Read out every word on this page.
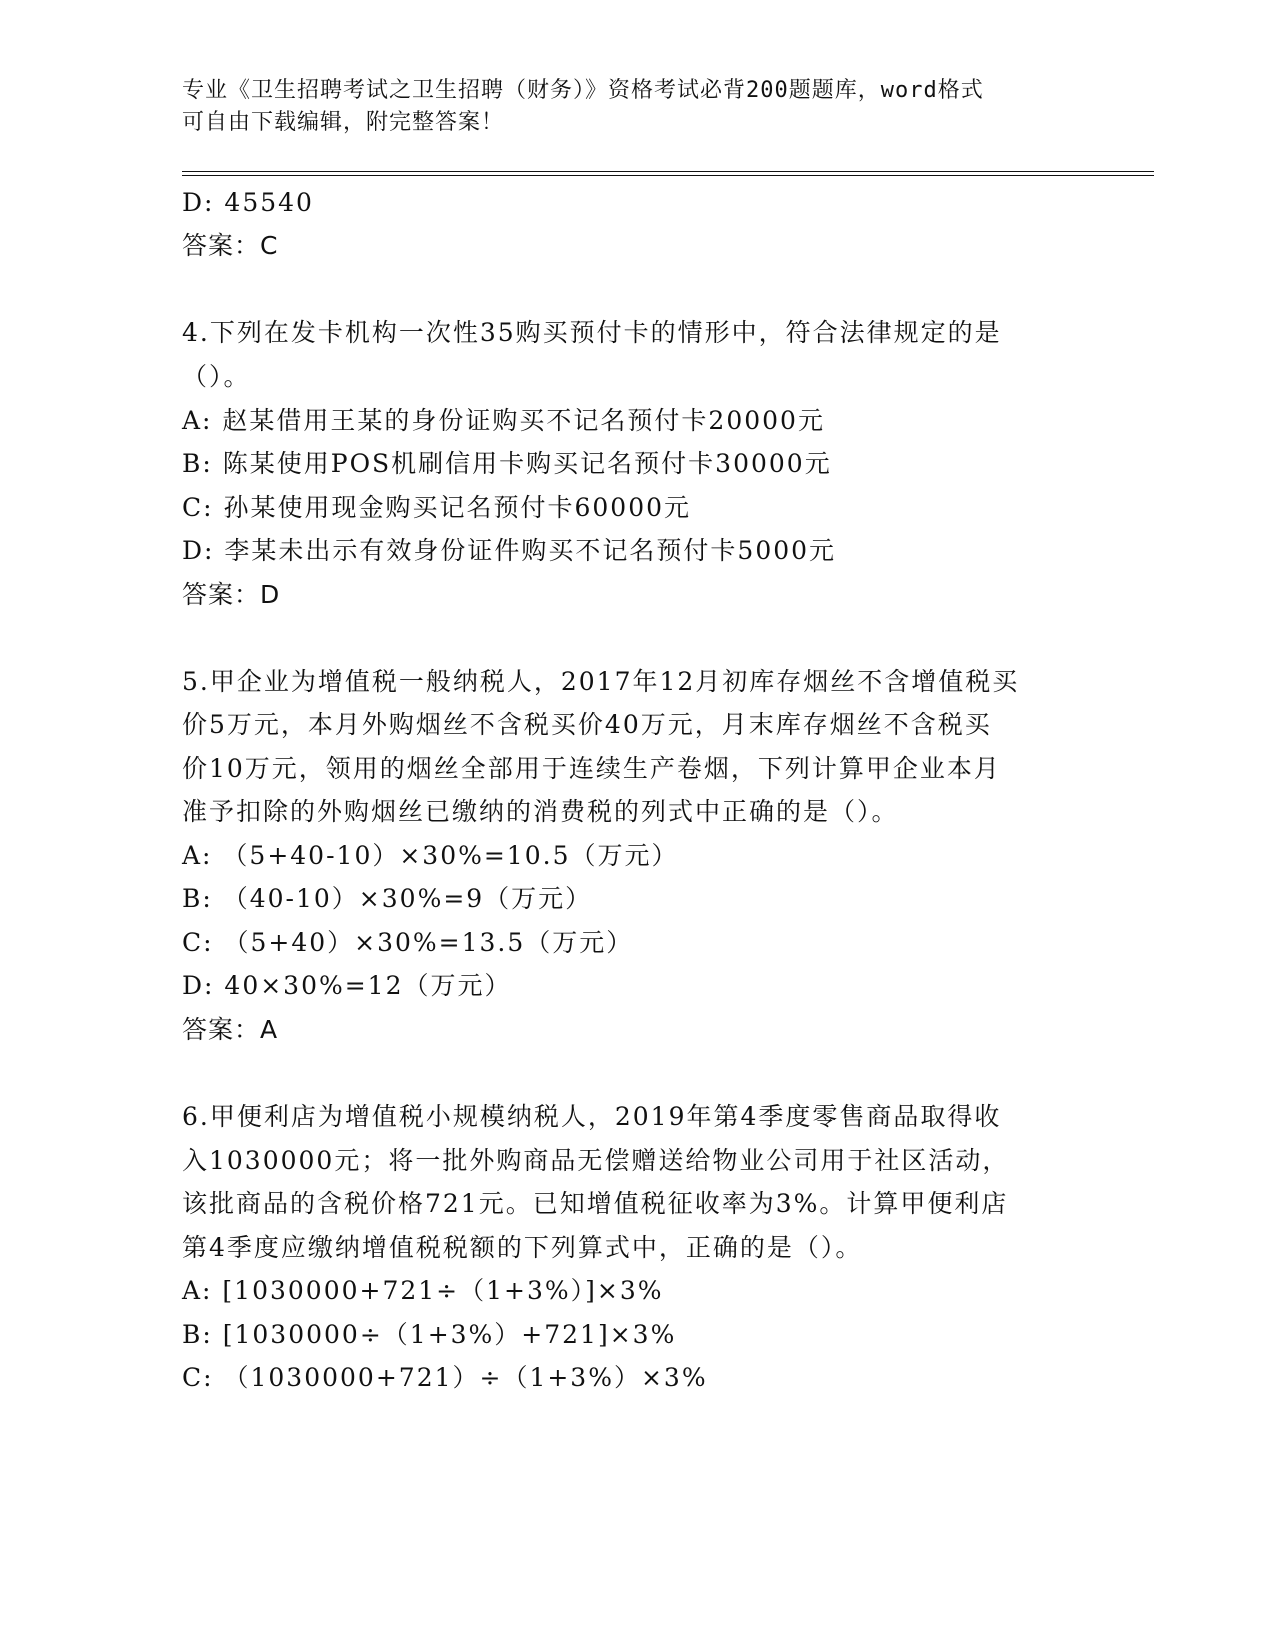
专业《卫生招聘考试之卫生招聘（财务）》资格考试必背200题题库，word格式
可自由下载编辑，附完整答案！
D: 45540
答案：C
4.下列在发卡机构一次性35购买预付卡的情形中，符合法律规定的是
（）。
A: 赵某借用王某的身份证购买不记名预付卡20000元
B: 陈某使用POS机刷信用卡购买记名预付卡30000元
C: 孙某使用现金购买记名预付卡60000元
D: 李某未出示有效身份证件购买不记名预付卡5000元
答案：D
5.甲企业为增值税一般纳税人，2017年12月初库存烟丝不含增值税买
价5万元，本月外购烟丝不含税买价40万元，月末库存烟丝不含税买
价10万元，领用的烟丝全部用于连续生产卷烟，下列计算甲企业本月
准予扣除的外购烟丝已缴纳的消费税的列式中正确的是（）。
A: （5+40-10）×30%=10.5（万元）
B: （40-10）×30%=9（万元）
C: （5+40）×30%=13.5（万元）
D: 40×30%=12（万元）
答案：A
6.甲便利店为增值税小规模纳税人，2019年第4季度零售商品取得收
入1030000元；将一批外购商品无偿赠送给物业公司用于社区活动，
该批商品的含税价格721元。已知增值税征收率为3%。计算甲便利店
第4季度应缴纳增值税税额的下列算式中，正确的是（）。
A: [1030000+721÷（1+3%）]×3%
B: [1030000÷（1+3%）+721]×3%
C: （1030000+721）÷（1+3%）×3%
